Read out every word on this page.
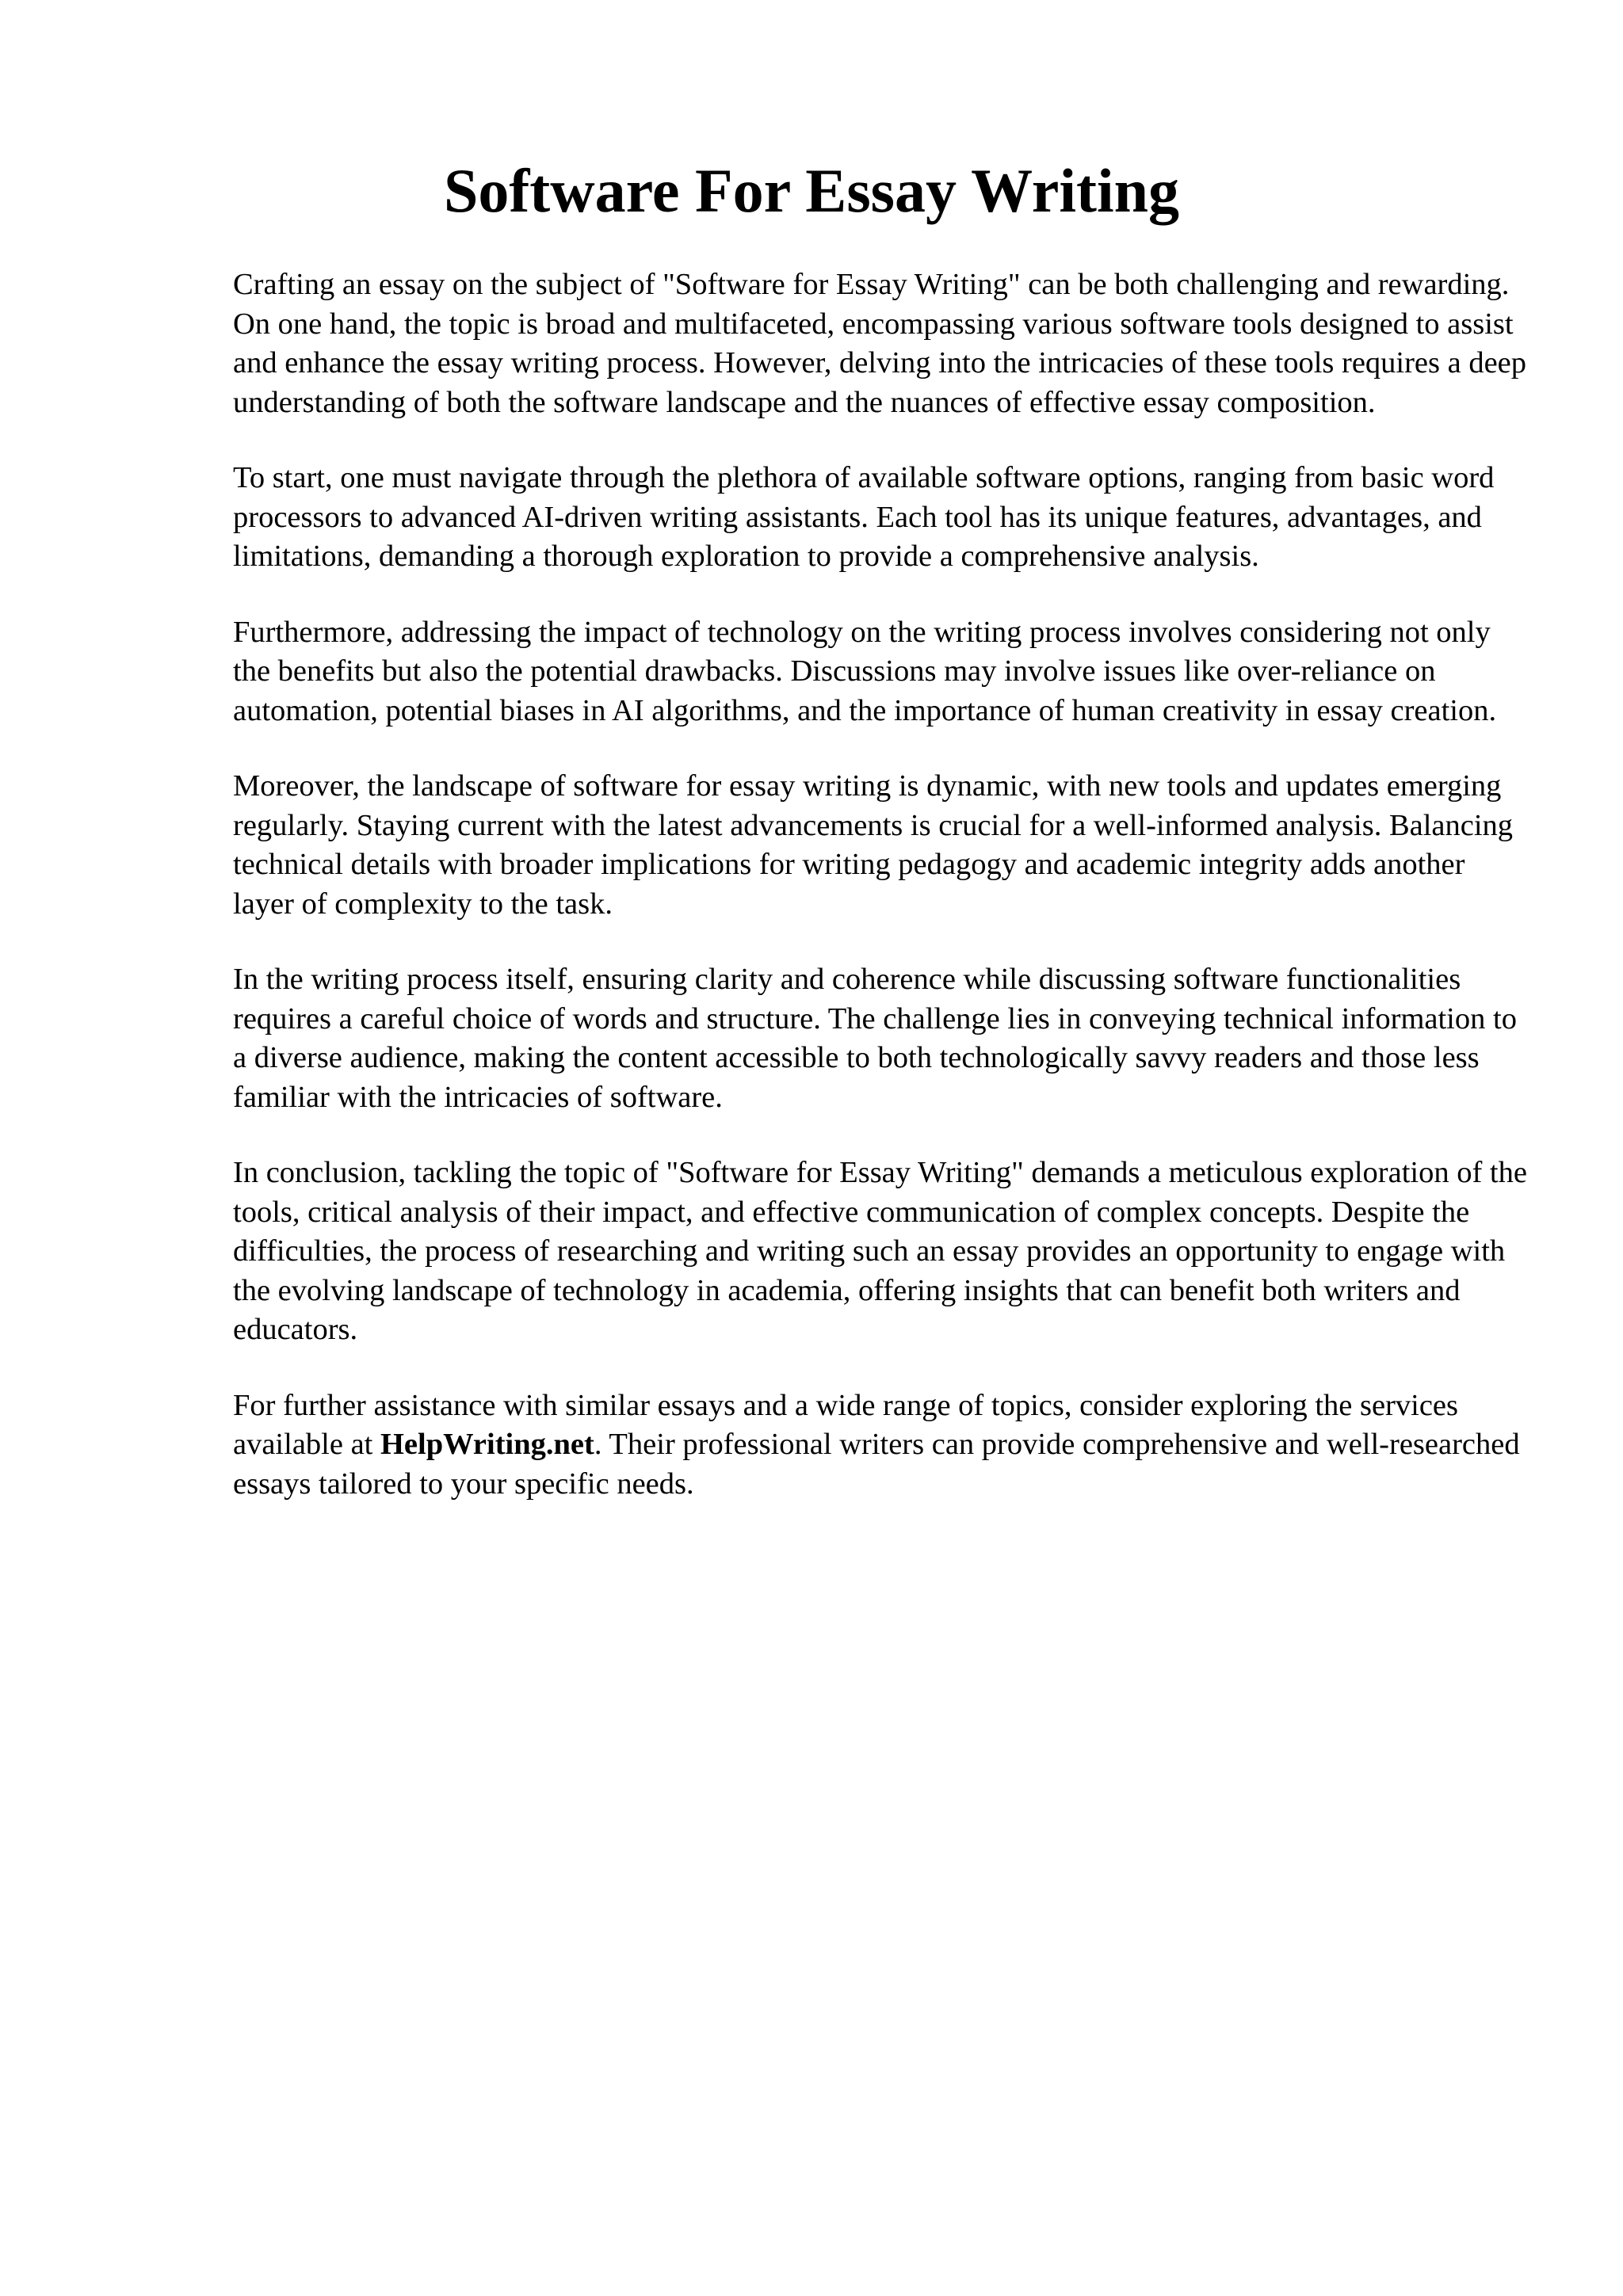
Software For Essay Writing

Crafting an essay on the subject of "Software for Essay Writing" can be both challenging and rewarding. On one hand, the topic is broad and multifaceted, encompassing various software tools designed to assist and enhance the essay writing process. However, delving into the intricacies of these tools requires a deep understanding of both the software landscape and the nuances of effective essay composition.

To start, one must navigate through the plethora of available software options, ranging from basic word processors to advanced AI-driven writing assistants. Each tool has its unique features, advantages, and limitations, demanding a thorough exploration to provide a comprehensive analysis.

Furthermore, addressing the impact of technology on the writing process involves considering not only the benefits but also the potential drawbacks. Discussions may involve issues like over-reliance on automation, potential biases in AI algorithms, and the importance of human creativity in essay creation.

Moreover, the landscape of software for essay writing is dynamic, with new tools and updates emerging regularly. Staying current with the latest advancements is crucial for a well-informed analysis. Balancing technical details with broader implications for writing pedagogy and academic integrity adds another layer of complexity to the task.

In the writing process itself, ensuring clarity and coherence while discussing software functionalities requires a careful choice of words and structure. The challenge lies in conveying technical information to a diverse audience, making the content accessible to both technologically savvy readers and those less familiar with the intricacies of software.

In conclusion, tackling the topic of "Software for Essay Writing" demands a meticulous exploration of the tools, critical analysis of their impact, and effective communication of complex concepts. Despite the difficulties, the process of researching and writing such an essay provides an opportunity to engage with the evolving landscape of technology in academia, offering insights that can benefit both writers and educators.

For further assistance with similar essays and a wide range of topics, consider exploring the services available at HelpWriting.net. Their professional writers can provide comprehensive and well-researched essays tailored to your specific needs.
